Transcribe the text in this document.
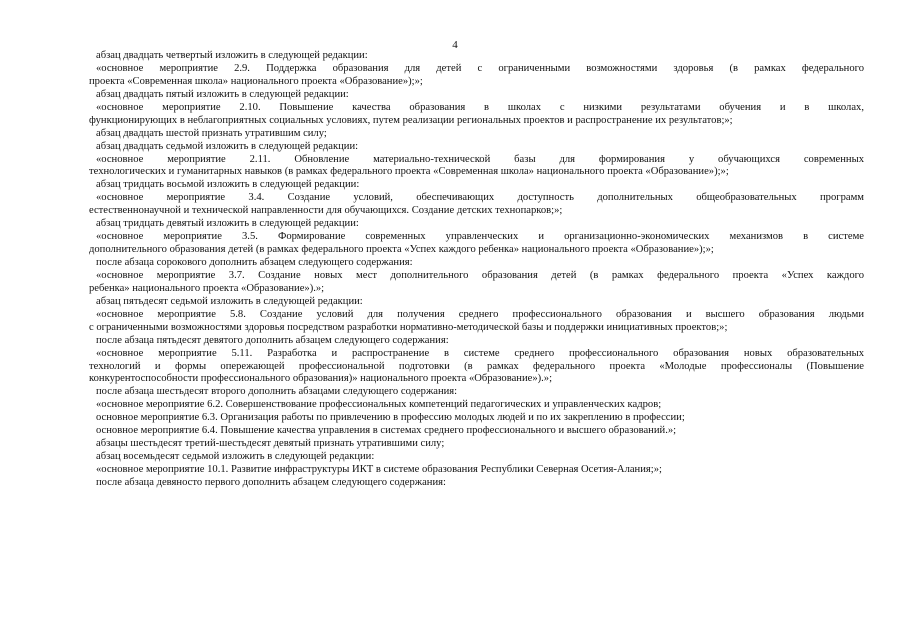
4

абзац двадцать четвертый изложить в следующей редакции:

«основное мероприятие 2.9. Поддержка образования для детей с ограниченными возможностями здоровья (в рамках федерального

проекта «Современная школа» национального проекта «Образование»);»;

абзац двадцать пятый изложить в следующей редакции:

«основное мероприятие 2.10. Повышение качества образования в школах с низкими результатами обучения и в школах,

функционирующих в неблагоприятных социальных условиях, путем реализации региональных проектов и распространение их результатов;»;

абзац двадцать шестой признать утратившим силу;

абзац двадцать седьмой изложить в следующей редакции:

«основное мероприятие 2.11. Обновление материально-технической базы для формирования у обучающихся современных

технологических и гуманитарных навыков (в рамках федерального проекта «Современная школа» национального проекта «Образование»);»;

абзац тридцать восьмой изложить в следующей редакции:

«основное мероприятие 3.4. Создание условий, обеспечивающих доступность дополнительных общеобразовательных программ

естественнонаучной и технической направленности для обучающихся. Создание детских технопарков;»;

абзац тридцать девятый изложить в следующей редакции:

«основное мероприятие 3.5. Формирование современных управленческих и организационно-экономических механизмов в системе

дополнительного образования детей (в рамках федерального проекта «Успех каждого ребенка» национального проекта «Образование»);»;

после абзаца сорокового дополнить абзацем следующего содержания:

«основное мероприятие 3.7. Создание новых мест дополнительного образования детей (в рамках федерального проекта «Успех каждого

ребенка» национального проекта «Образование»).»;

абзац пятьдесят седьмой изложить в следующей редакции:

«основное мероприятие 5.8. Создание условий для получения среднего профессионального образования и высшего образования людьми

с ограниченными возможностями здоровья посредством разработки нормативно-методической базы и поддержки инициативных проектов;»;

после абзаца пятьдесят девятого дополнить абзацем следующего содержания:

«основное мероприятие 5.11. Разработка и распространение в системе среднего профессионального образования новых образовательных

технологий и формы опережающей профессиональной подготовки (в рамках федерального проекта «Молодые профессионалы (Повышение

конкурентоспособности профессионального образования)» национального проекта «Образование»).»;

после абзаца шестьдесят второго дополнить абзацами следующего содержания:

«основное мероприятие 6.2. Совершенствование профессиональных компетенций педагогических и управленческих кадров;

основное мероприятие 6.3. Организация работы по привлечению в профессию молодых людей и по их закреплению в профессии;

основное мероприятие 6.4. Повышение качества управления в системах среднего профессионального и высшего образований.»;

абзацы шестьдесят третий-шестьдесят девятый признать утратившими силу;

абзац восемьдесят седьмой изложить в следующей редакции:

«основное мероприятие 10.1. Развитие инфраструктуры ИКТ в системе образования Республики Северная Осетия-Алания;»;

после абзаца девяносто первого дополнить абзацем следующего содержания:
